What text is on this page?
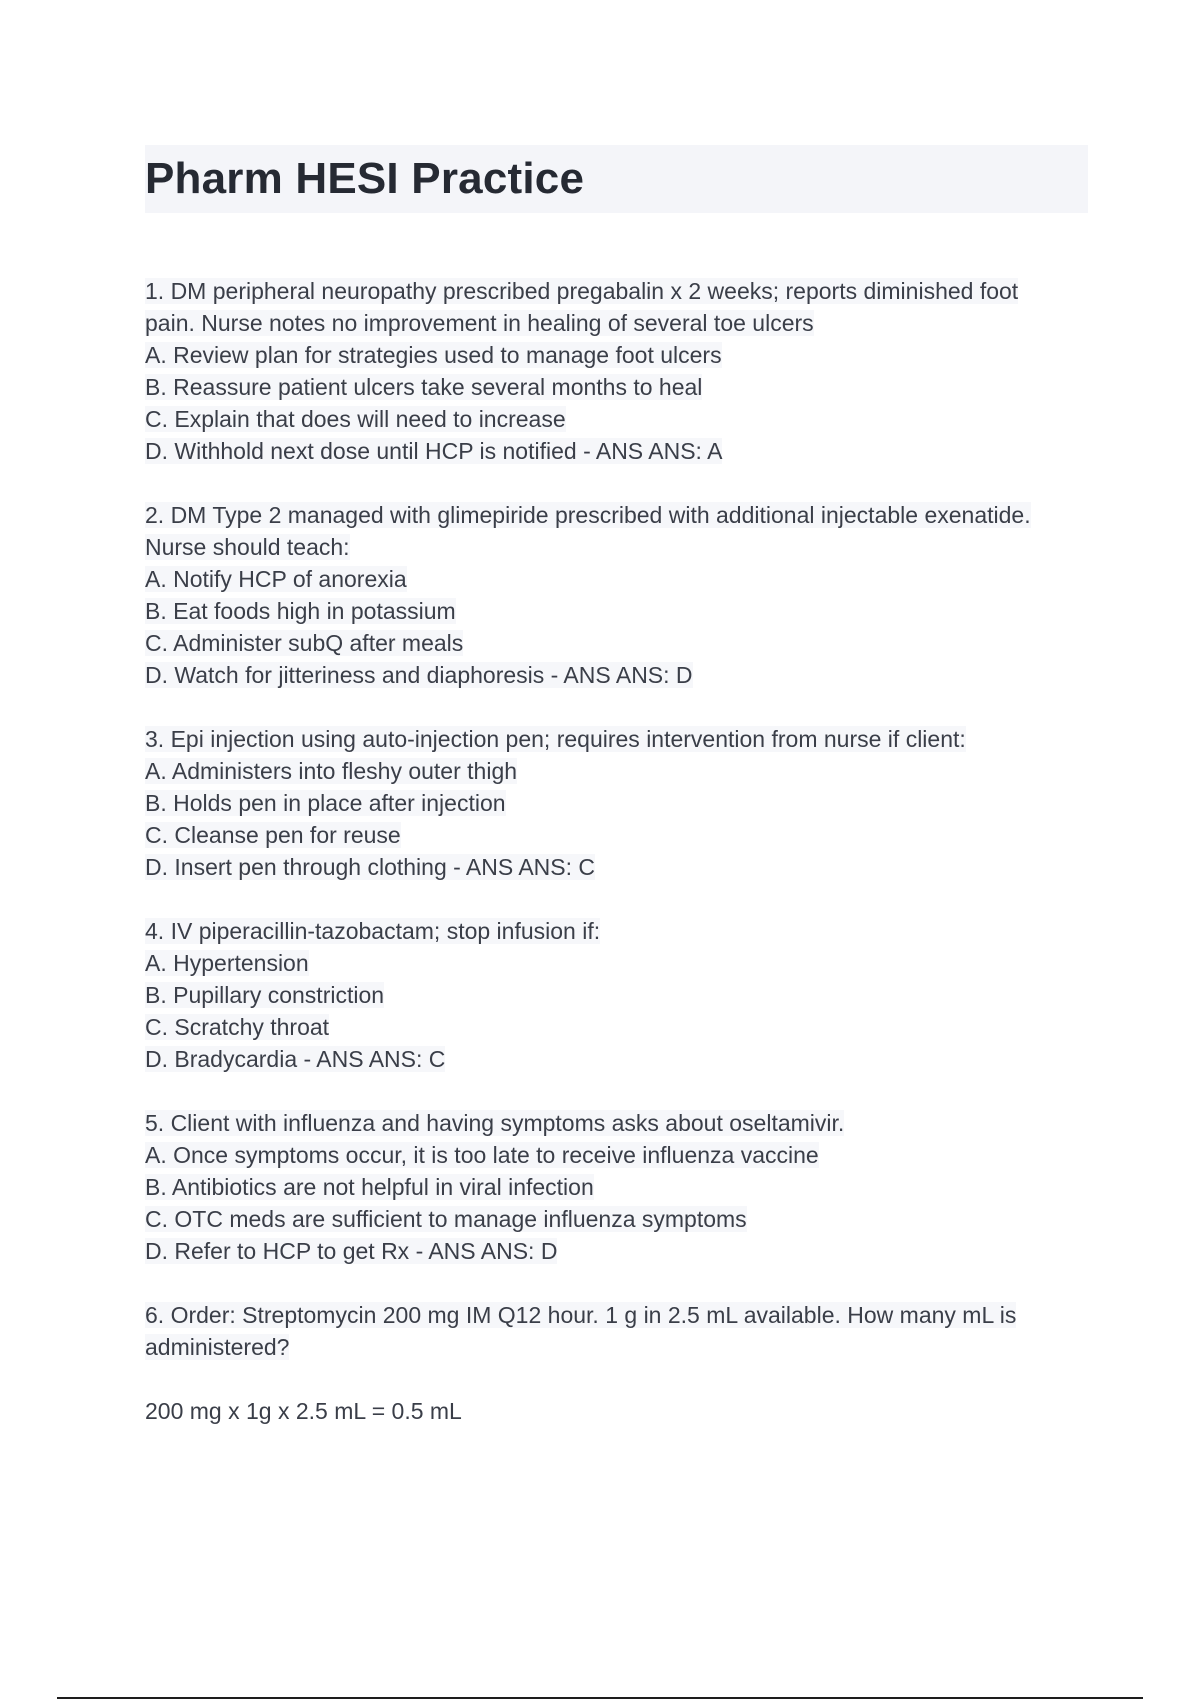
Pharm HESI Practice
1. DM peripheral neuropathy prescribed pregabalin x 2 weeks; reports diminished foot
pain. Nurse notes no improvement in healing of several toe ulcers
A. Review plan for strategies used to manage foot ulcers
B. Reassure patient ulcers take several months to heal
C. Explain that does will need to increase
D. Withhold next dose until HCP is notified - ANS ANS: A
2. DM Type 2 managed with glimepiride prescribed with additional injectable exenatide.
Nurse should teach:
A. Notify HCP of anorexia
B. Eat foods high in potassium
C. Administer subQ after meals
D. Watch for jitteriness and diaphoresis - ANS ANS: D
3. Epi injection using auto-injection pen; requires intervention from nurse if client:
A. Administers into fleshy outer thigh
B. Holds pen in place after injection
C. Cleanse pen for reuse
D. Insert pen through clothing - ANS ANS: C
4. IV piperacillin-tazobactam; stop infusion if:
A. Hypertension
B. Pupillary constriction
C. Scratchy throat
D. Bradycardia - ANS ANS: C
5. Client with influenza and having symptoms asks about oseltamivir.
A. Once symptoms occur, it is too late to receive influenza vaccine
B. Antibiotics are not helpful in viral infection
C. OTC meds are sufficient to manage influenza symptoms
D. Refer to HCP to get Rx - ANS ANS: D
6. Order: Streptomycin 200 mg IM Q12 hour. 1 g in 2.5 mL available. How many mL is
administered?
200 mg x 1g x 2.5 mL = 0.5 mL
